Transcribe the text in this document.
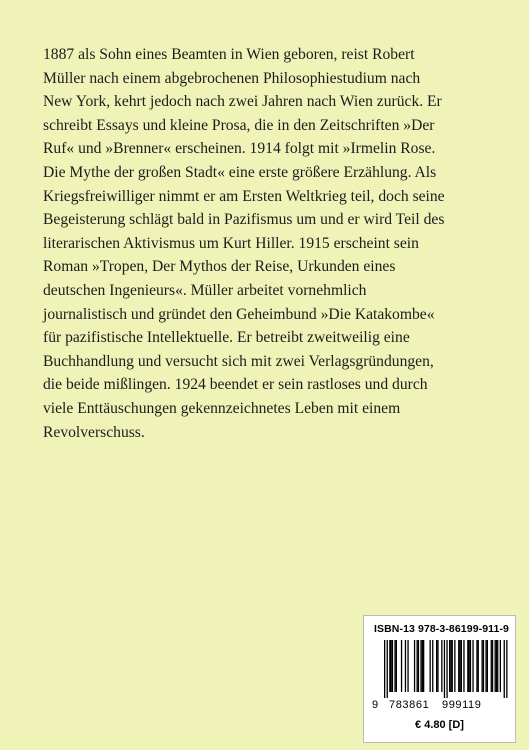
1887 als Sohn eines Beamten in Wien geboren, reist Robert
Müller nach einem abgebrochenen Philosophiestudium nach
New York, kehrt jedoch nach zwei Jahren nach Wien zurück. Er
schreibt Essays und kleine Prosa, die in den Zeitschriften »Der
Ruf« und »Brenner« erscheinen. 1914 folgt mit »Irmelin Rose.
Die Mythe der großen Stadt« eine erste größere Erzählung. Als
Kriegsfreiwilliger nimmt er am Ersten Weltkrieg teil, doch seine
Begeisterung schlägt bald in Pazifismus um und er wird Teil des
literarischen Aktivismus um Kurt Hiller. 1915 erscheint sein
Roman »Tropen, Der Mythos der Reise, Urkunden eines
deutschen Ingenieurs«. Müller arbeitet vornehmlich
journalistisch und gründet den Geheimbund »Die Katakombe«
für pazifistische Intellektuelle. Er betreibt zweitweilig eine
Buchhandlung und versucht sich mit zwei Verlagsgründungen,
die beide mißlingen. 1924 beendet er sein rastloses und durch
viele Enttäuschungen gekennzeichnetes Leben mit einem
Revolverschuss.
ISBN-13 978-3-86199-911-9
9 783861 999119
€ 4.80 [D]
